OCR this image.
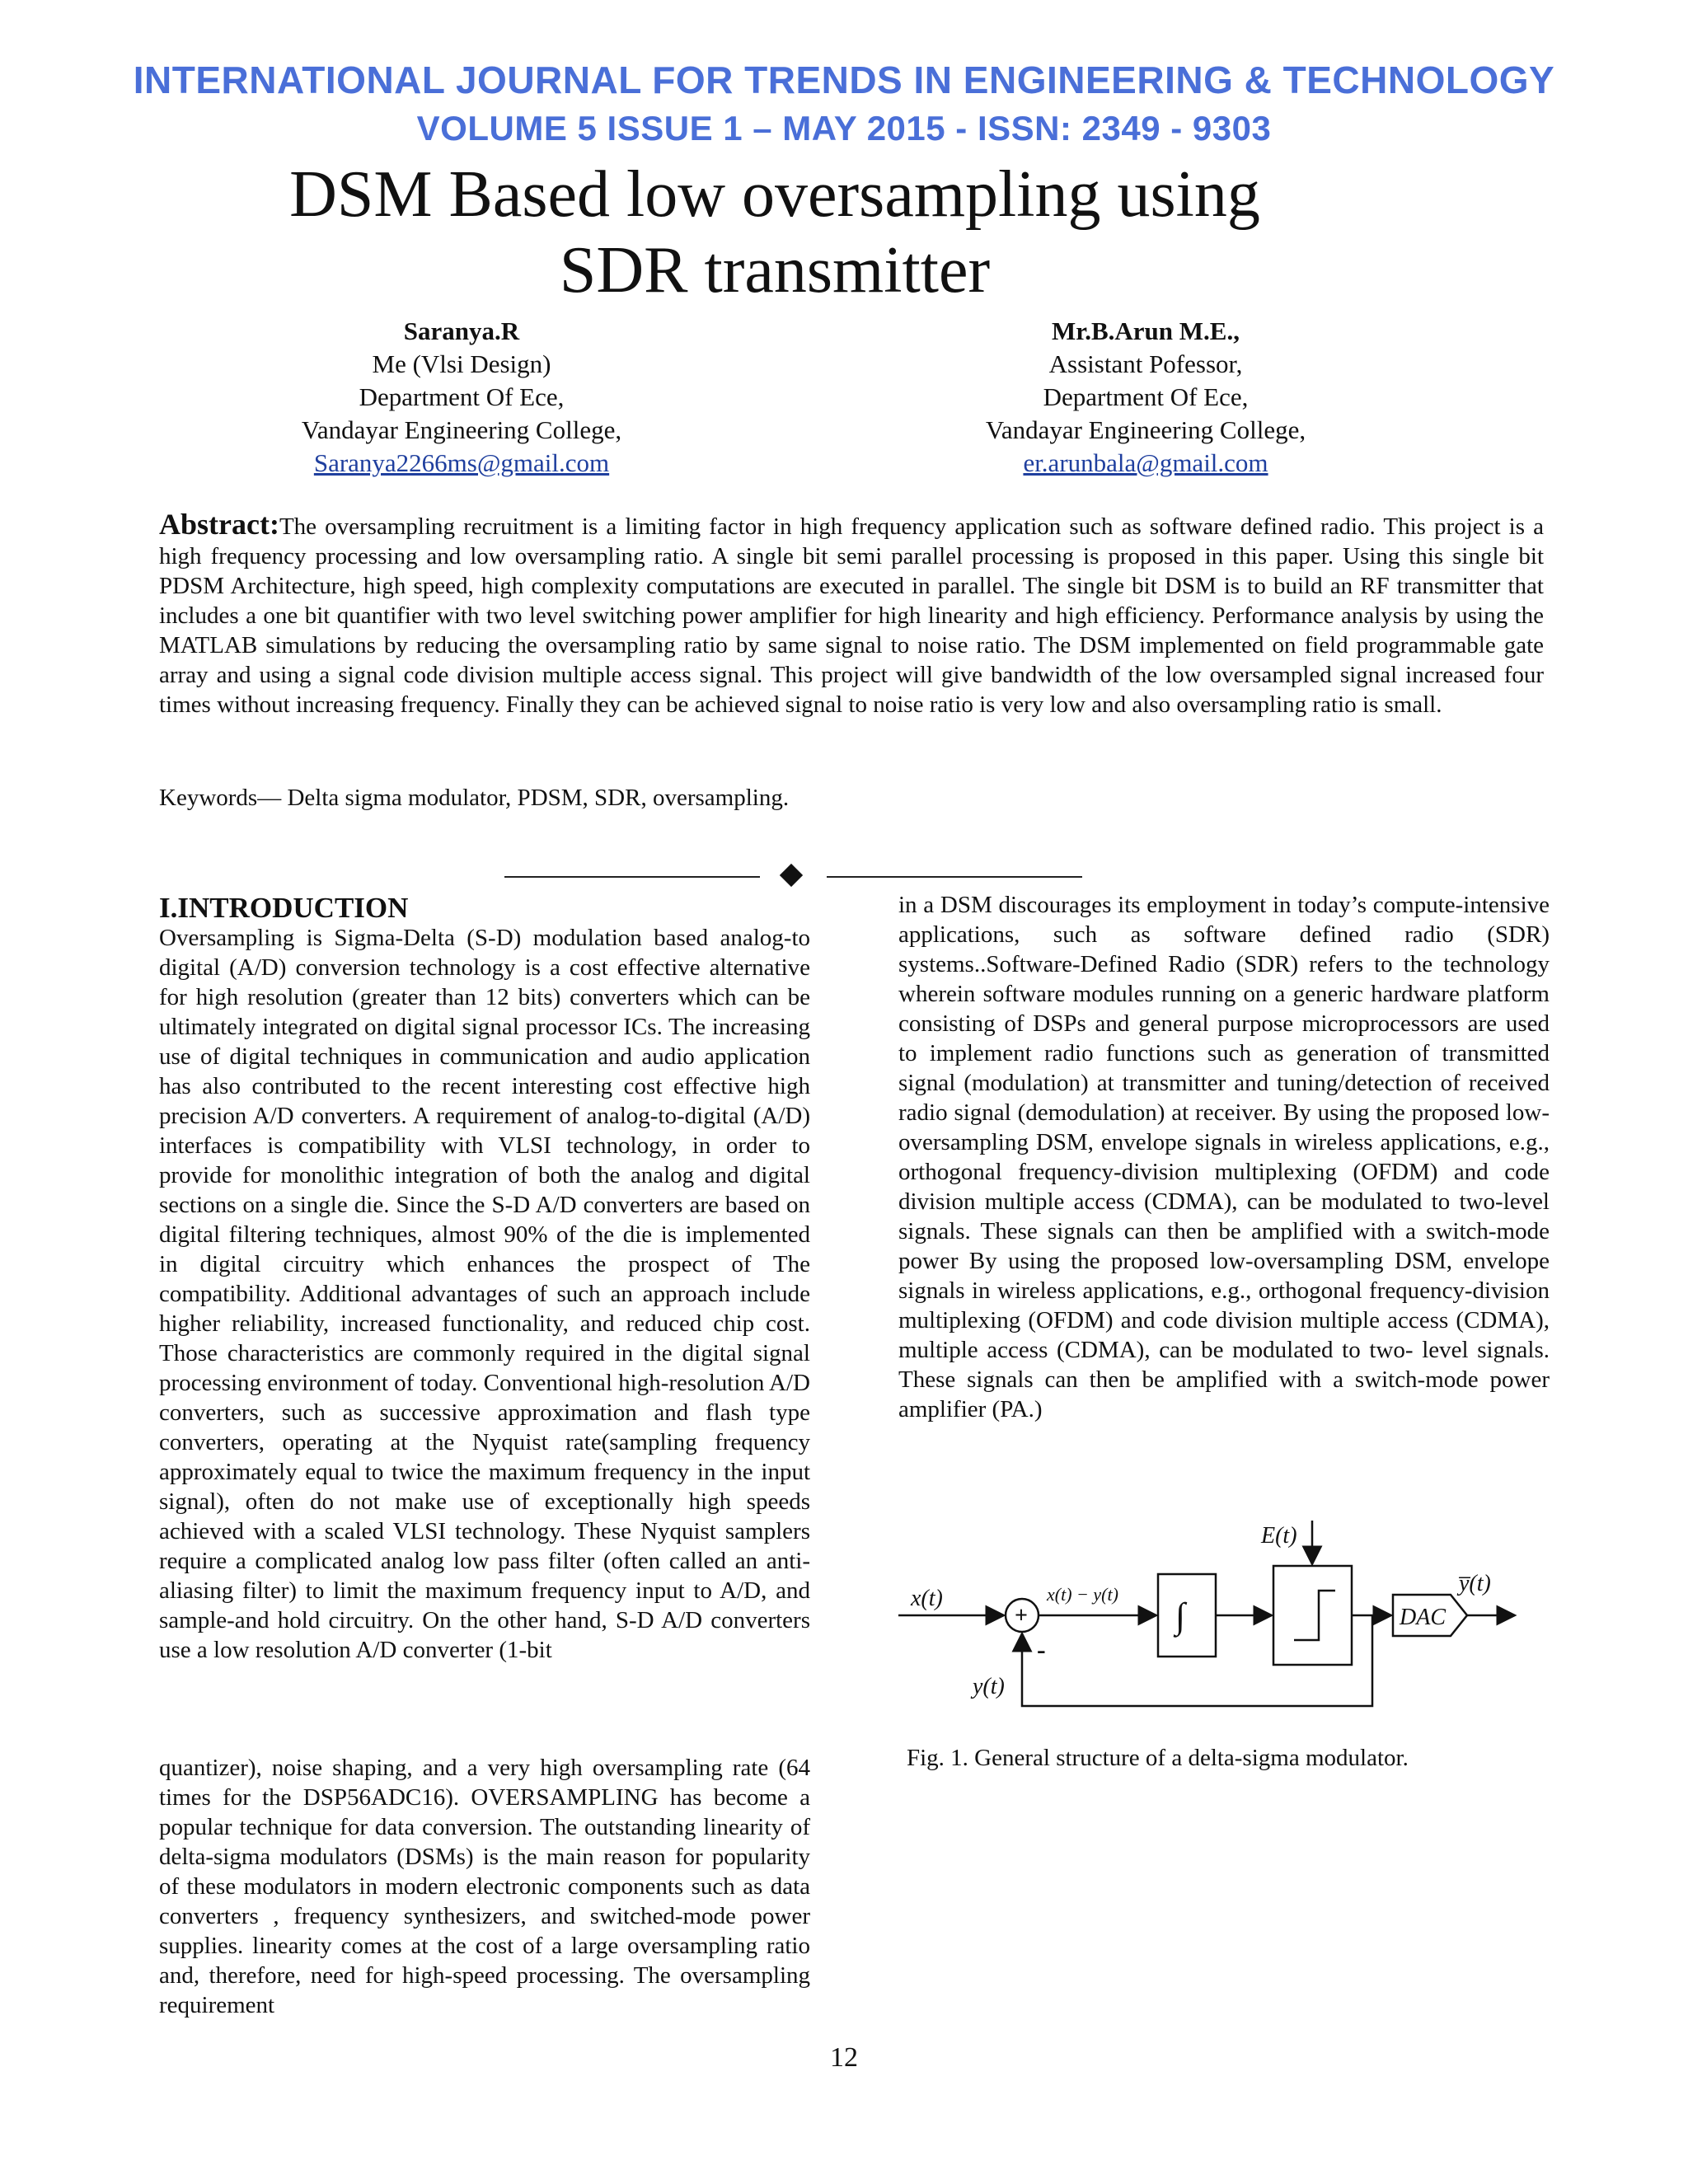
INTERNATIONAL JOURNAL FOR TRENDS IN ENGINEERING & TECHNOLOGY
VOLUME 5 ISSUE 1 – MAY 2015 - ISSN: 2349 - 9303
DSM Based low oversampling using
SDR transmitter
Saranya.R
Me (Vlsi Design)
Department Of Ece,
Vandayar Engineering College,
Saranya2266ms@gmail.com
Mr.B.Arun M.E.,
Assistant Pofessor,
Department Of Ece,
Vandayar Engineering College,
er.arunbala@gmail.com

Abstract:The oversampling recruitment is a limiting factor in high frequency application such as software defined radio. This project is a high frequency processing and low oversampling ratio. A single bit semi parallel processing is proposed in this paper. Using this single bit PDSM Architecture, high speed, high complexity computations are executed in parallel. The single bit DSM is to build an RF transmitter that includes a one bit quantifier with two level switching power amplifier for high linearity and high efficiency. Performance analysis by using the MATLAB simulations by reducing the oversampling ratio by same signal to noise ratio. The DSM implemented on field programmable gate array and using a signal code division multiple access signal. This project will give bandwidth of the low oversampled signal increased four times without increasing frequency. Finally they can be achieved signal to noise ratio is very low and also oversampling ratio is small.

Keywords— Delta sigma modulator, PDSM, SDR, oversampling.

I.INTRODUCTION

Oversampling is Sigma-Delta (S-D) modulation based analog-to digital (A/D) conversion technology is a cost effective alternative for high resolution (greater than 12 bits) converters which can be ultimately integrated on digital signal processor ICs. The increasing use of digital techniques in communication and audio application has also contributed to the recent interesting cost effective high precision A/D converters. A requirement of analog-to-digital (A/D) interfaces is compatibility with VLSI technology, in order to provide for monolithic integration of both the analog and digital sections on a single die. Since the S-D A/D converters are based on digital filtering techniques, almost 90% of the die is implemented in digital circuitry which enhances the prospect of The compatibility. Additional advantages of such an approach include higher reliability, increased functionality, and reduced chip cost. Those characteristics are commonly required in the digital signal processing environment of today. Conventional high-resolution A/D converters, such as successive approximation and flash type converters, operating at the Nyquist rate(sampling frequency approximately equal to twice the maximum frequency in the input signal), often do not make use of exceptionally high speeds achieved with a scaled VLSI technology. These Nyquist samplers require a complicated analog low pass filter (often called an anti-aliasing filter) to limit the maximum frequency input to A/D, and sample-and hold circuitry. On the other hand, S-D A/D converters use a low resolution A/D converter (1-bit

quantizer), noise shaping, and a very high oversampling rate (64 times for the DSP56ADC16). OVERSAMPLING has become a popular technique for data conversion. The outstanding linearity of delta-sigma modulators (DSMs) is the main reason for popularity of these modulators in modern electronic components such as data converters , frequency synthesizers, and switched-mode power supplies. linearity comes at the cost of a large oversampling ratio and, therefore, need for high-speed processing. The oversampling requirement

in a DSM discourages its employment in today’s compute-intensive applications, such as software defined radio (SDR) systems..Software-Defined Radio (SDR) refers to the technology wherein software modules running on a generic hardware platform consisting of DSPs and general purpose microprocessors are used to implement radio functions such as generation of transmitted signal (modulation) at transmitter and tuning/detection of received radio signal (demodulation) at receiver. By using the proposed low-oversampling DSM, envelope signals in wireless applications, e.g., orthogonal frequency-division multiplexing (OFDM) and code division multiple access (CDMA), can be modulated to two-level signals. These signals can then be amplified with a switch-mode power By using the proposed low-oversampling DSM, envelope signals in wireless applications, e.g., orthogonal frequency-division multiplexing (OFDM) and code division multiple access (CDMA), multiple access (CDMA), can be modulated to two- level signals. These signals can then be amplified with a switch-mode power amplifier (PA.)

x(t)	x(t) − y(t)
+
-
∫
E(t)
DAC
y̅(t)
y(t)

Fig. 1. General structure of a delta-sigma modulator.

12
